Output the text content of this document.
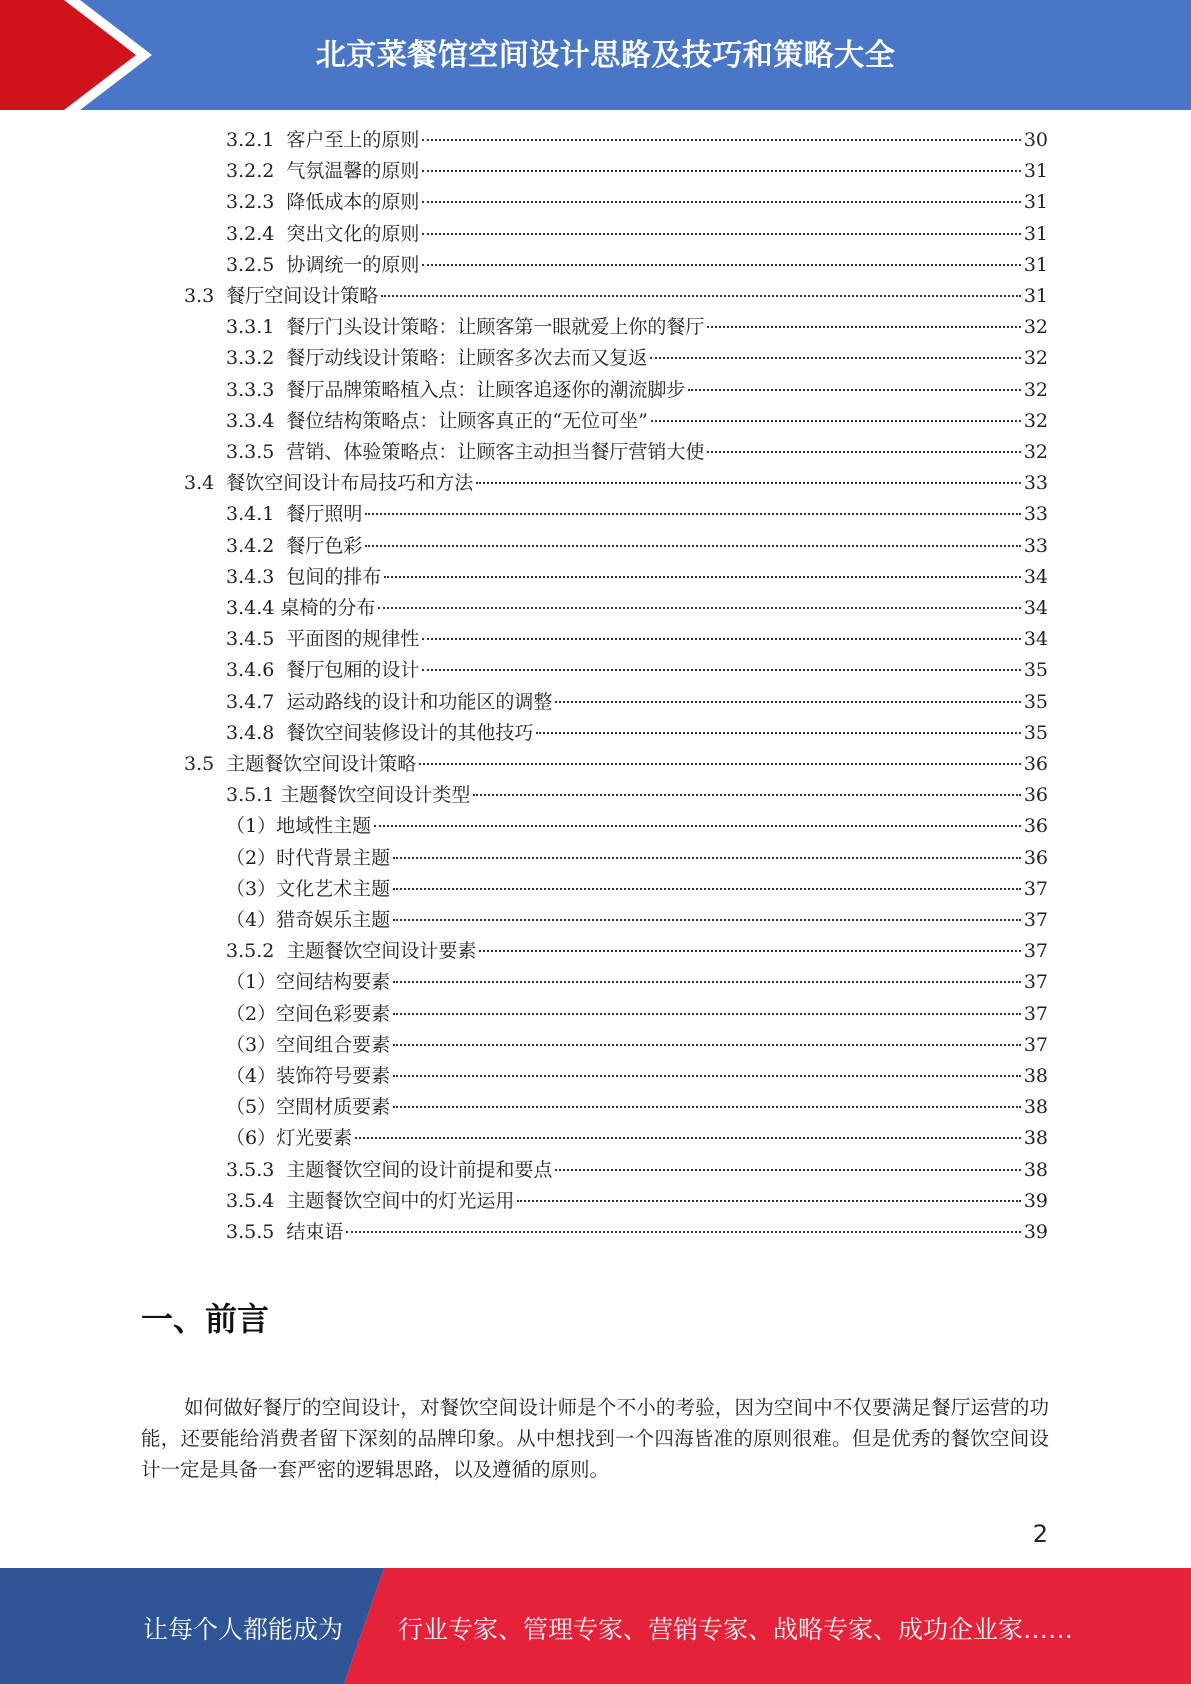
北京菜餐馆空间设计思路及技巧和策略大全
3.2.1  客户至上的原则	30
3.2.2  气氛温馨的原则	31
3.2.3  降低成本的原则	31
3.2.4  突出文化的原则	31
3.2.5  协调统一的原则	31
3.3  餐厅空间设计策略	31
3.3.1  餐厅门头设计策略：让顾客第一眼就爱上你的餐厅	32
3.3.2  餐厅动线设计策略：让顾客多次去而又复返	32
3.3.3  餐厅品牌策略植入点：让顾客追逐你的潮流脚步	32
3.3.4  餐位结构策略点：让顾客真正的“无位可坐”	32
3.3.5  营销、体验策略点：让顾客主动担当餐厅营销大使	32
3.4  餐饮空间设计布局技巧和方法	33
3.4.1  餐厅照明	33
3.4.2  餐厅色彩	33
3.4.3  包间的排布	34
3.4.4 桌椅的分布	34
3.4.5  平面图的规律性	34
3.4.6  餐厅包厢的设计	35
3.4.7  运动路线的设计和功能区的调整	35
3.4.8  餐饮空间装修设计的其他技巧	35
3.5  主题餐饮空间设计策略	36
3.5.1 主题餐饮空间设计类型	36
（1）地域性主题	36
（2）时代背景主题	36
（3）文化艺术主题	37
（4）猎奇娱乐主题	37
3.5.2  主题餐饮空间设计要素	37
（1）空间结构要素	37
（2）空间色彩要素	37
（3）空间组合要素	37
（4）装饰符号要素	38
（5）空間材质要素	38
（6）灯光要素	38
3.5.3  主题餐饮空间的设计前提和要点	38
3.5.4  主题餐饮空间中的灯光运用	39
3.5.5  结束语	39
一、前言
如何做好餐厅的空间设计，对餐饮空间设计师是个不小的考验，因为空间中不仅要满足餐厅运营的功能，还要能给消费者留下深刻的品牌印象。从中想找到一个四海皆准的原则很难。但是优秀的餐饮空间设计一定是具备一套严密的逻辑思路，以及遵循的原则。
2
让每个人都能成为 行业专家、管理专家、营销专家、战略专家、成功企业家……
